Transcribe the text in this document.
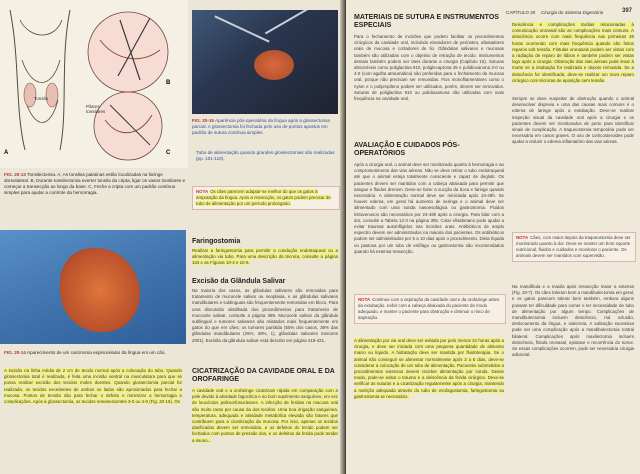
Tonsila
Pilares tonsilares
A
B
C
FIG. 20-13 Tonsilectomia. A, As tonsilas palatinas estão localizadas na faringe dorsolateral. B, Durante tonsilectomia everter tonsila da cripta, ligar os vasos tonsilares e começar a transecção ao longo da base. C, Feche a cripta com um padrão contínuo simples para ajudar a controle da hemorragia.
FIG. 20-15 Aparência pós-operatória da língua após a glossectomia parcial. A glossectomia foi fechada pelo uso de pontos apostos em padrão de sutura contínua simples.
Tubo de alimentação quando grandes glossectomias são realizadas (pp. 101-110).
NOTA Os cães parecem adaptar-se melhor do que os gatos à amputação da língua. Após a ressecção, os gatos podem precisar de tubo de alimentação por um período prolongado.
FIG. 20-14 Aparecimento de um carcinoma espinocelular da língua em um cão.
A incisão na linha média de 2 cm de tecido normal após a colocação do tubo. Quando glossectomia total é realizada, é feita uma incisão ventral na musculatura para que se possa realizar excisão dos tecidos moles doentes. Quando glossectomia parcial for realizada, os tecidos excedentes de ambos os lados são aproximados para fechar a mucosa. Pontos de tensão são para fechar o defeito e minimizar a hemorragia e complicações. Após a glossectomia, os tecidos remanescentes 3-0 ou 4-0 (Fig. 20-15). Os
Faringostomia
Realizar a faringostomia para permitir a condução endotraqueal ou a alimentação via tubo. Para uma descrição da técnica, consulte a página 104 e as Figuras 10-4 e 10-5.
Excisão da Glândula Salivar
Na maioria dos casos, as glândulas salivares são removidas para tratamento de mucocele salivar ou neoplasia, e as glândulas salivares mandibulares e sublinguais são frequentemente removidas em bloco. Para uma discussão detalhada dos procedimentos para tratamento de mucocele salivar, consulte a página 389. Mucocele salivar da glândula sublingual e tumores salivares são relatados mais frequentemente em gatos do que em cães; os tumores parótida (55% dos casos, 39% das glândulas mandibulares (25%, 39%, 1), glândulas salivares menores 2001). Excisão da glândula salivar está descrito em página 419-421.
CICATRIZAÇÃO DA CAVIDADE ORAL E DA OROFARINGE
A cavidade oral e a orofaringe cicatrizam rápida em comparação com a pele devido à atividade fagocítica e ao bom suprimento sanguíneo, em vez de leucócitos polimorfonucleares. A infecção de feridas na mucosa oral são muito raras por causa da dos tecidos. Uma boa irrigação sanguínea, temperatura, adequada e atividade metabólica elevada são fatores que contribuem para a cicatrização da mucosa. Por isso, apenas os tecidos danificados devem ser removidos, e os defeitos do tecido podem ser fechados com pontos de pressão dos, e os defeitos da ferida pode tender a imuno...
CAPÍTULO 20 Cirurgia do Sistema Digestório	397
MATERIAIS DE SUTURA E INSTRUMENTOS ESPECIAIS
Para o fechamento de incisões que podem facilitar os procedimentos cirúrgicos da cavidade oral, incluindo elevadores de periósteo, afastadores orais de mucosa e cortadores de fio. Glândulas salivares e mucosas também são utilizadas com o objetivo de retração de tecido. Instrumentos dentais também podem ser úteis durante a cirurgia (Capítulo 16). Suturas absorvíveis como poliglactina 910, poliglecaprona 25 e polidioxanona 3-0 ou 4-0 (com agulha atraumática) são preferidas para o fechamento da mucosa oral, porque não precisam ser removidas. Fios monofilamentares como o nylon e o polipropileno podem ser utilizados, porém, devem ser removidos. Suturas de poliglactina 910 ou polidioxanona são utilizadas com mais frequência na cavidade oral.
AVALIAÇÃO E CUIDADOS PÓS-OPERATÓRIOS
Após a cirurgia oral, o animal deve ser monitorado quanto à hemorragia e ao comprometimento das vias aéreas. Não se deve retirar o tubo endotraqueal até que o animal esteja totalmente consciente e capaz de deglutir. Os pacientes devem ser mantidos com a cabeça abaixada para permitir que sangue e fluidos drenem. Deve-se fazer a sucção da boca e faringe quando necessário. A alimentação normal deve ser reiniciada após 24-48h. Se houver edema, em geral há aumento de seringa e o animal deve ser alimentado com uma sonda nasoesofágica ou gastrostomia. Fluidos intravenosos são necessários por 24-48h após a cirurgia. Para lidar com a dor, consulte a Tabela 12-3 na página 305. Colar elisabetano pode ajudar a evitar traumas autoinfligidos nas incisões orais. Antibióticos de amplo espectro devem ser administrados na maioria dos pacientes. Os antibióticos podem ser administrados por 5 a 10 dias após o procedimento. Dieta líquida ou pastosa por um tubo de esôfago ou gastrostomia são recomendados quando há extensa ressecção.
NOTA Continue com a aspiração da cavidade oral e da orofaringe antes da extubação, exibir com a cabeça abaixada do paciente de modo adequado, e manter o paciente para obstrução e diminuir o risco de aspiração.
A alimentação por via oral deve ser evitada por pelo menos 24 horas após a cirurgia, e deve ser iniciada com uma pequena quantidade de alimento macio ou líquido. A hidratação deve ser mantida por fluidoterapia. Se o animal não conseguir se alimentar normalmente após 3 a 5 dias, deve-se considerar a colocação de um tubo de alimentação. Pacientes submetidos a procedimentos extensos devem receber alimentação por sonda. Desse modo, pode-se evitar o trauma e a deiscência da ferida cirúrgica. Deve-se verificar as suturas e a cicatrização regularmente após a cirurgia, mantendo a nutrição adequada através do tubo de esofagostomia, faringostomia ou gastrostomia se necessário.
Deiscência e complicações tardias relacionadas à comunicação oronasal são as complicações mais comuns. A deiscência ocorre com mais frequência nas primeiras 48 horas ocorrendo com mais frequência quando são feitos reparos sob tensão. Fístulas oronasais podem ser vistas com a radiação de reparo de lábios e também podem ser vistas logo após a cirurgia. Obstrução das vias aéreas pode levar à morte se a intubação for realizada e depois removida. Se a deiscência for identificada, deve-se realizar um novo reparo cirúrgico com técnicas de aposição sem tensão.
Sempre se deve suspeitar de obstrução quando o animal desenvolver dispneia e uma das causas mais comuns é o edema de laringe após a extubação. Deve-se realizar inspeção visual da cavidade oral após a cirurgia e os pacientes devem ser monitorados de perto para identificar sinais de complicação. A traqueostomia temporária pode ser necessária em casos graves. O uso de corticosteroides pode ajudar a reduzir o edema inflamatório das vias aéreas.
NOTA Cães, com maior depois da traqueostomia deve ser monitorado quanto à dor. Deve-se manter um bom suporte nutricional, fluidos e cuidados e monitorar o paciente. Os animais devem ser mantidos com supervisão.
Na mandíbula e a maxila após ressecção maior a extensa (Fig. 20-7). Os cães toleram bem a mandibulectomia em geral, e os gatos parecem tolerar bem também, embora alguns possam ter dificuldade para comer e ter necessidade de tubo de alimentação por algum tempo. Complicações de mandibulectomia incluem deiscência, má oclusão, deslocamento da língua, e sialorreia. A salivação excessiva pode ser uma complicação após a mandibulectomia rostral bilateral. Complicações após maxilectomia incluem deiscência, fístula oronasal, epistaxe e recorrência do tumor. Se essas complicações ocorrem, pode ser necessária cirurgia adicional.
